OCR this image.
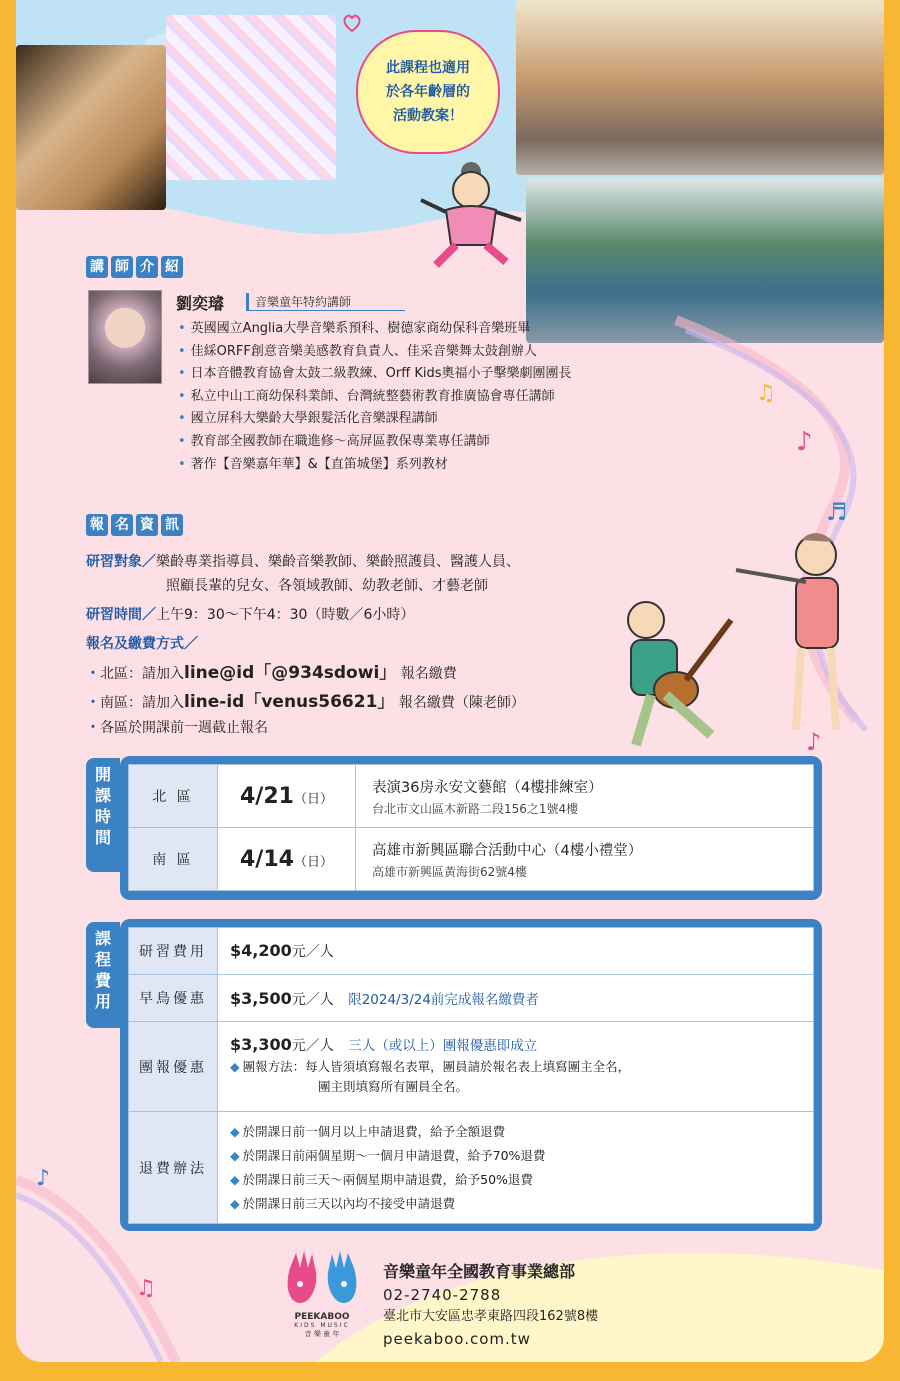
此課程也適用
於各年齡層的
活動教案！
講 師 介 紹
劉奕璿	音樂童年特約講師
• 英國國立Anglia大學音樂系預科、樹德家商幼保科音樂班畢
• 佳綵ORFF創意音樂美感教育負責人、佳采音樂舞太鼓創辦人
• 日本音體教育協會太鼓二級教練、Orff Kids奧福小子擊樂劇團團長
• 私立中山工商幼保科業師、台灣統整藝術教育推廣協會專任講師
• 國立屏科大樂齡大學銀髮活化音樂課程講師
• 教育部全國教師在職進修～高屏區教保專業專任講師
• 著作【音樂嘉年華】&【直笛城堡】系列教材
♪
♫
♬
♪
報 名 資 訊
研習對象／樂齡專業指導員、樂齡音樂教師、樂齡照護員、醫護人員、
照顧長輩的兒女、各領域教師、幼教老師、才藝老師
研習時間／上午9：30～下午4：30（時數／6小時）
報名及繳費方式／
・北區：請加入line@id「@934sdowi」 報名繳費
・南區：請加入line-id「venus56621」 報名繳費（陳老師）
・各區於開課前一週截止報名
開
課
時
間
北 區	4/21（日）	表演36房永安文藝館（4樓排練室）
台北市文山區木新路二段156之1號4樓

南 區	4/14（日）	高雄市新興區聯合活動中心（4樓小禮堂）
高雄市新興區黃海街62號4樓
課
程
費
用
研習費用	$4,200元／人
早鳥優惠	$3,500元／人 限2024/3/24前完成報名繳費者
團報優惠	$3,300元／人 三人（或以上）團報優惠即成立
◆ 團報方法：每人皆須填寫報名表單，團員請於報名表上填寫團主全名，
團主則填寫所有團員全名。

退費辦法	◆ 於開課日前一個月以上申請退費，給予全額退費
◆ 於開課日前兩個星期～一個月申請退費，給予70%退費
◆ 於開課日前三天～兩個星期申請退費，給予50%退費
◆ 於開課日前三天以內均不接受申請退費
♪
♫
PEEKABOO
KIDS MUSIC
音 樂 童 年
音樂童年全國教育事業總部
02-2740-2788
臺北市大安區忠孝東路四段162號8樓
peekaboo.com.tw
